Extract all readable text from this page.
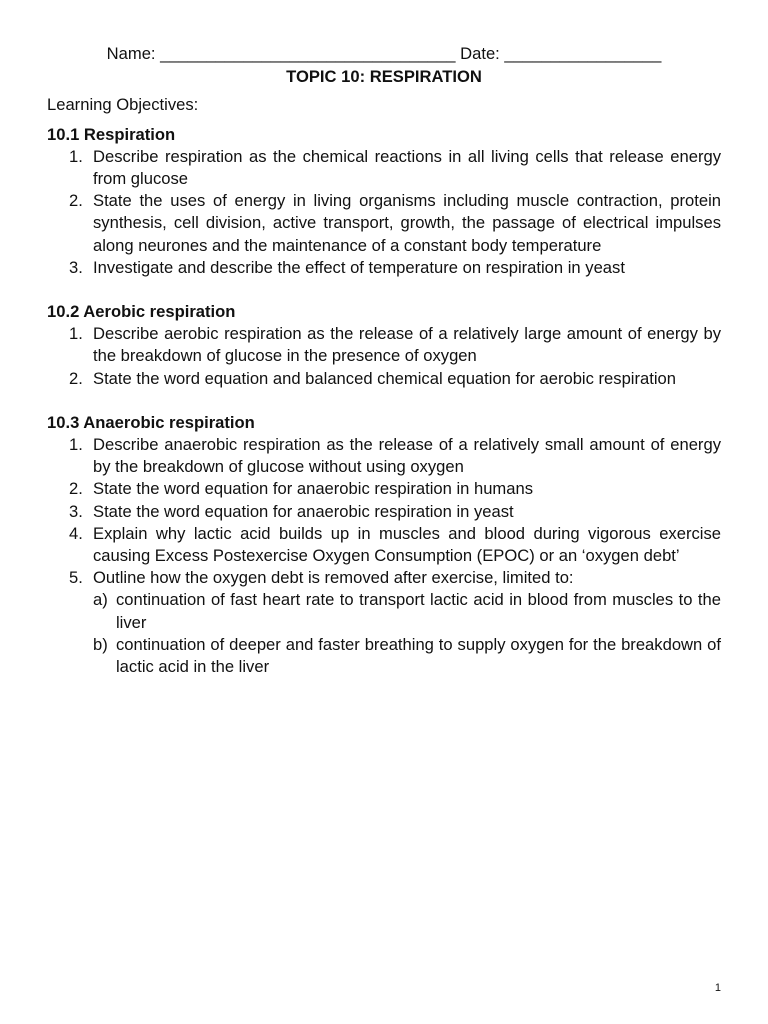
Name: ________________________________ Date: _________________
TOPIC 10: RESPIRATION
Learning Objectives:
10.1 Respiration
1. Describe respiration as the chemical reactions in all living cells that release energy from glucose
2. State the uses of energy in living organisms including muscle contraction, protein synthesis, cell division, active transport, growth, the passage of electrical impulses along neurones and the maintenance of a constant body temperature
3. Investigate and describe the effect of temperature on respiration in yeast
10.2 Aerobic respiration
1. Describe aerobic respiration as the release of a relatively large amount of energy by the breakdown of glucose in the presence of oxygen
2. State the word equation and balanced chemical equation for aerobic respiration
10.3 Anaerobic respiration
1. Describe anaerobic respiration as the release of a relatively small amount of energy by the breakdown of glucose without using oxygen
2. State the word equation for anaerobic respiration in humans
3. State the word equation for anaerobic respiration in yeast
4. Explain why lactic acid builds up in muscles and blood during vigorous exercise causing Excess Postexercise Oxygen Consumption (EPOC) or an ‘oxygen debt’
5. Outline how the oxygen debt is removed after exercise, limited to:
a) continuation of fast heart rate to transport lactic acid in blood from muscles to the liver
b) continuation of deeper and faster breathing to supply oxygen for the breakdown of lactic acid in the liver
1
